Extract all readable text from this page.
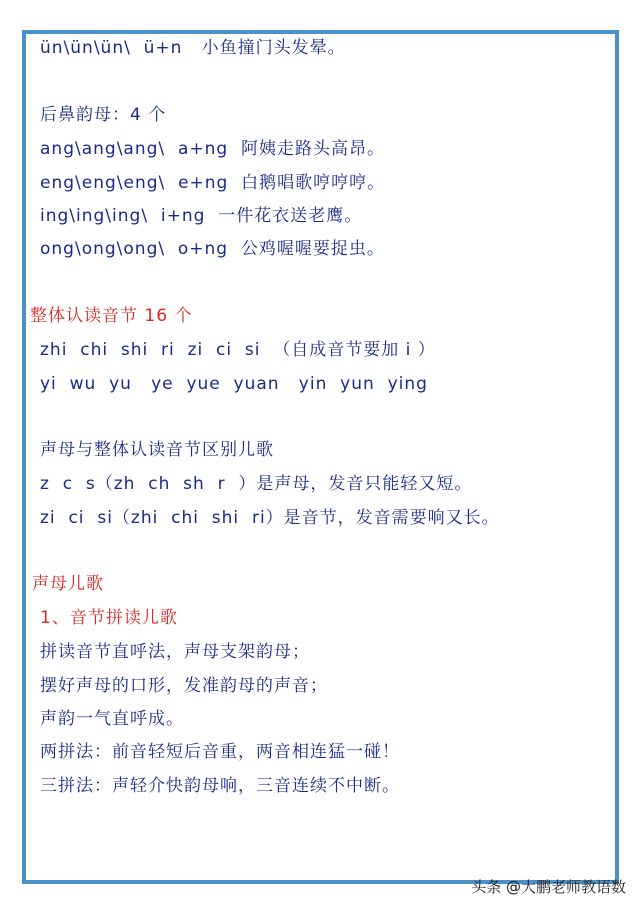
ün\ün\ün\  ü+n   小鱼撞门头发晕。
后鼻韵母：4 个
ang\ang\ang\  a+ng  阿姨走路头高昂。
eng\eng\eng\  e+ng  白鹅唱歌哼哼哼。
ing\ing\ing\  i+ng  一件花衣送老鹰。
ong\ong\ong\  o+ng  公鸡喔喔要捉虫。
整体认读音节 16 个
zhi  chi  shi  ri  zi  ci  si  （自成音节要加 i ）
yi  wu  yu   ye  yue  yuan   yin  yun  ying
声母与整体认读音节区别儿歌
z  c  s（zh  ch  sh  r  ）是声母，发音只能轻又短。
zi  ci  si（zhi  chi  shi  ri）是音节，发音需要响又长。
声母儿歌
1、音节拼读儿歌
拼读音节直呼法，声母支架韵母；
摆好声母的口形，发准韵母的声音；
声韵一气直呼成。
两拼法：前音轻短后音重，两音相连猛一碰！
三拼法：声轻介快韵母响，三音连续不中断。
头条 @大鹏老师教语数
